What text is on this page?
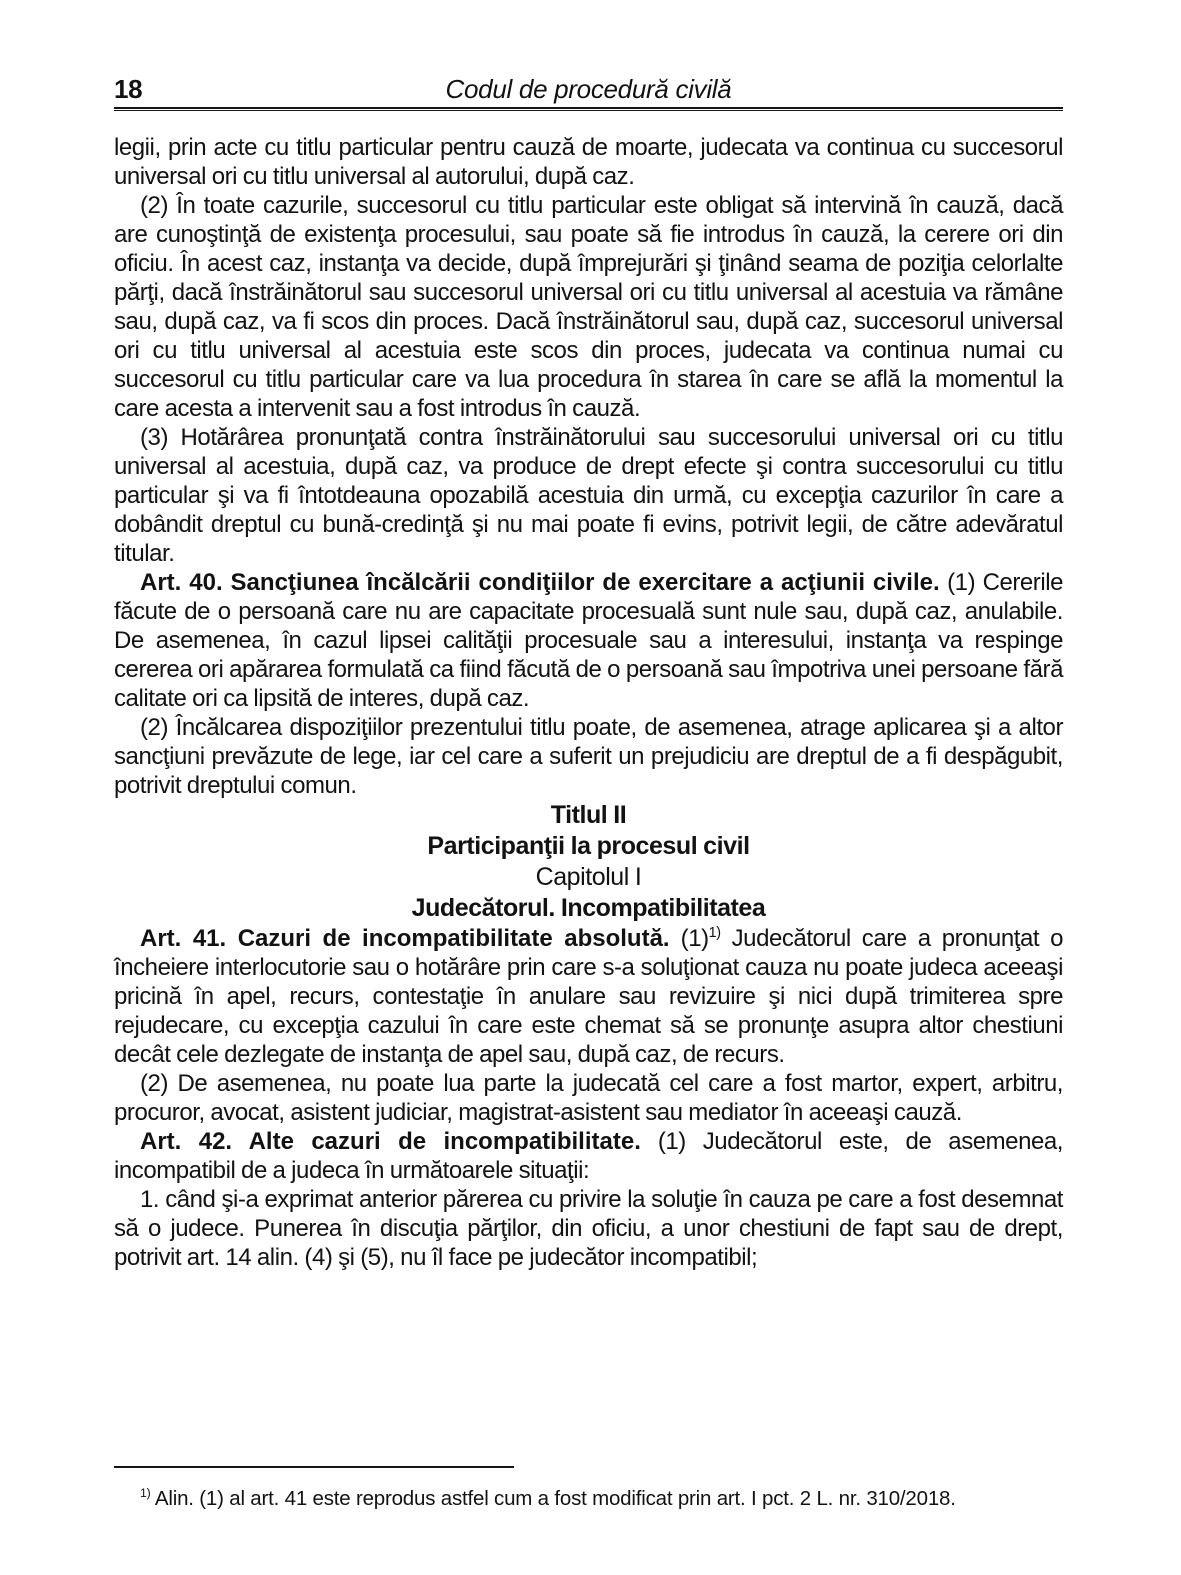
18	Codul de procedură civilă

legii, prin acte cu titlu particular pentru cauză de moarte, judecata va continua cu succesorul universal ori cu titlu universal al autorului, după caz.

(2) În toate cazurile, succesorul cu titlu particular este obligat să intervină în cauză, dacă are cunoştinţă de existenţa procesului, sau poate să fie introdus în cauză, la cerere ori din oficiu. În acest caz, instanţa va decide, după împrejurări şi ţinând seama de poziţia celorlalte părţi, dacă înstrăinătorul sau succesorul universal ori cu titlu universal al acestuia va rămâne sau, după caz, va fi scos din proces. Dacă înstrăinătorul sau, după caz, succesorul universal ori cu titlu universal al acestuia este scos din proces, judecata va continua numai cu succesorul cu titlu particular care va lua procedura în starea în care se află la momentul la care acesta a intervenit sau a fost introdus în cauză.

(3) Hotărârea pronunţată contra înstrăinătorului sau succesorului universal ori cu titlu universal al acestuia, după caz, va produce de drept efecte şi contra succesorului cu titlu particular şi va fi întotdeauna opozabilă acestuia din urmă, cu excepţia cazurilor în care a dobândit dreptul cu bună-credinţă şi nu mai poate fi evins, potrivit legii, de către adevăratul titular.

Art. 40. Sancţiunea încălcării condiţiilor de exercitare a acţiunii civile. (1) Cererile făcute de o persoană care nu are capacitate procesuală sunt nule sau, după caz, anulabile. De asemenea, în cazul lipsei calităţii procesuale sau a interesului, instanţa va respinge cererea ori apărarea formulată ca fiind făcută de o persoană sau împotriva unei persoane fără calitate ori ca lipsită de interes, după caz.

(2) Încălcarea dispoziţiilor prezentului titlu poate, de asemenea, atrage aplicarea şi a altor sancţiuni prevăzute de lege, iar cel care a suferit un prejudiciu are dreptul de a fi despăgubit, potrivit dreptului comun.

Titlul II

Participanţii la procesul civil

Capitolul I

Judecătorul. Incompatibilitatea

Art. 41. Cazuri de incompatibilitate absolută. (1)$^{1)}$ Judecătorul care a pronunţat o încheiere interlocutorie sau o hotărâre prin care s-a soluţionat cauza nu poate judeca aceeaşi pricină în apel, recurs, contestaţie în anulare sau revizuire şi nici după trimiterea spre rejudecare, cu excepţia cazului în care este chemat să se pronunţe asupra altor chestiuni decât cele dezlegate de instanţa de apel sau, după caz, de recurs.

(2) De asemenea, nu poate lua parte la judecată cel care a fost martor, expert, arbitru, procuror, avocat, asistent judiciar, magistrat-asistent sau mediator în aceeaşi cauză.

Art. 42. Alte cazuri de incompatibilitate. (1) Judecătorul este, de asemenea, incompatibil de a judeca în următoarele situaţii:

1. când şi-a exprimat anterior părerea cu privire la soluţie în cauza pe care a fost desemnat să o judece. Punerea în discuţia părţilor, din oficiu, a unor chestiuni de fapt sau de drept, potrivit art. 14 alin. (4) şi (5), nu îl face pe judecător incompatibil;

$^{1)}$ Alin. (1) al art. 41 este reprodus astfel cum a fost modificat prin art. I pct. 2 L. nr. 310/2018.
